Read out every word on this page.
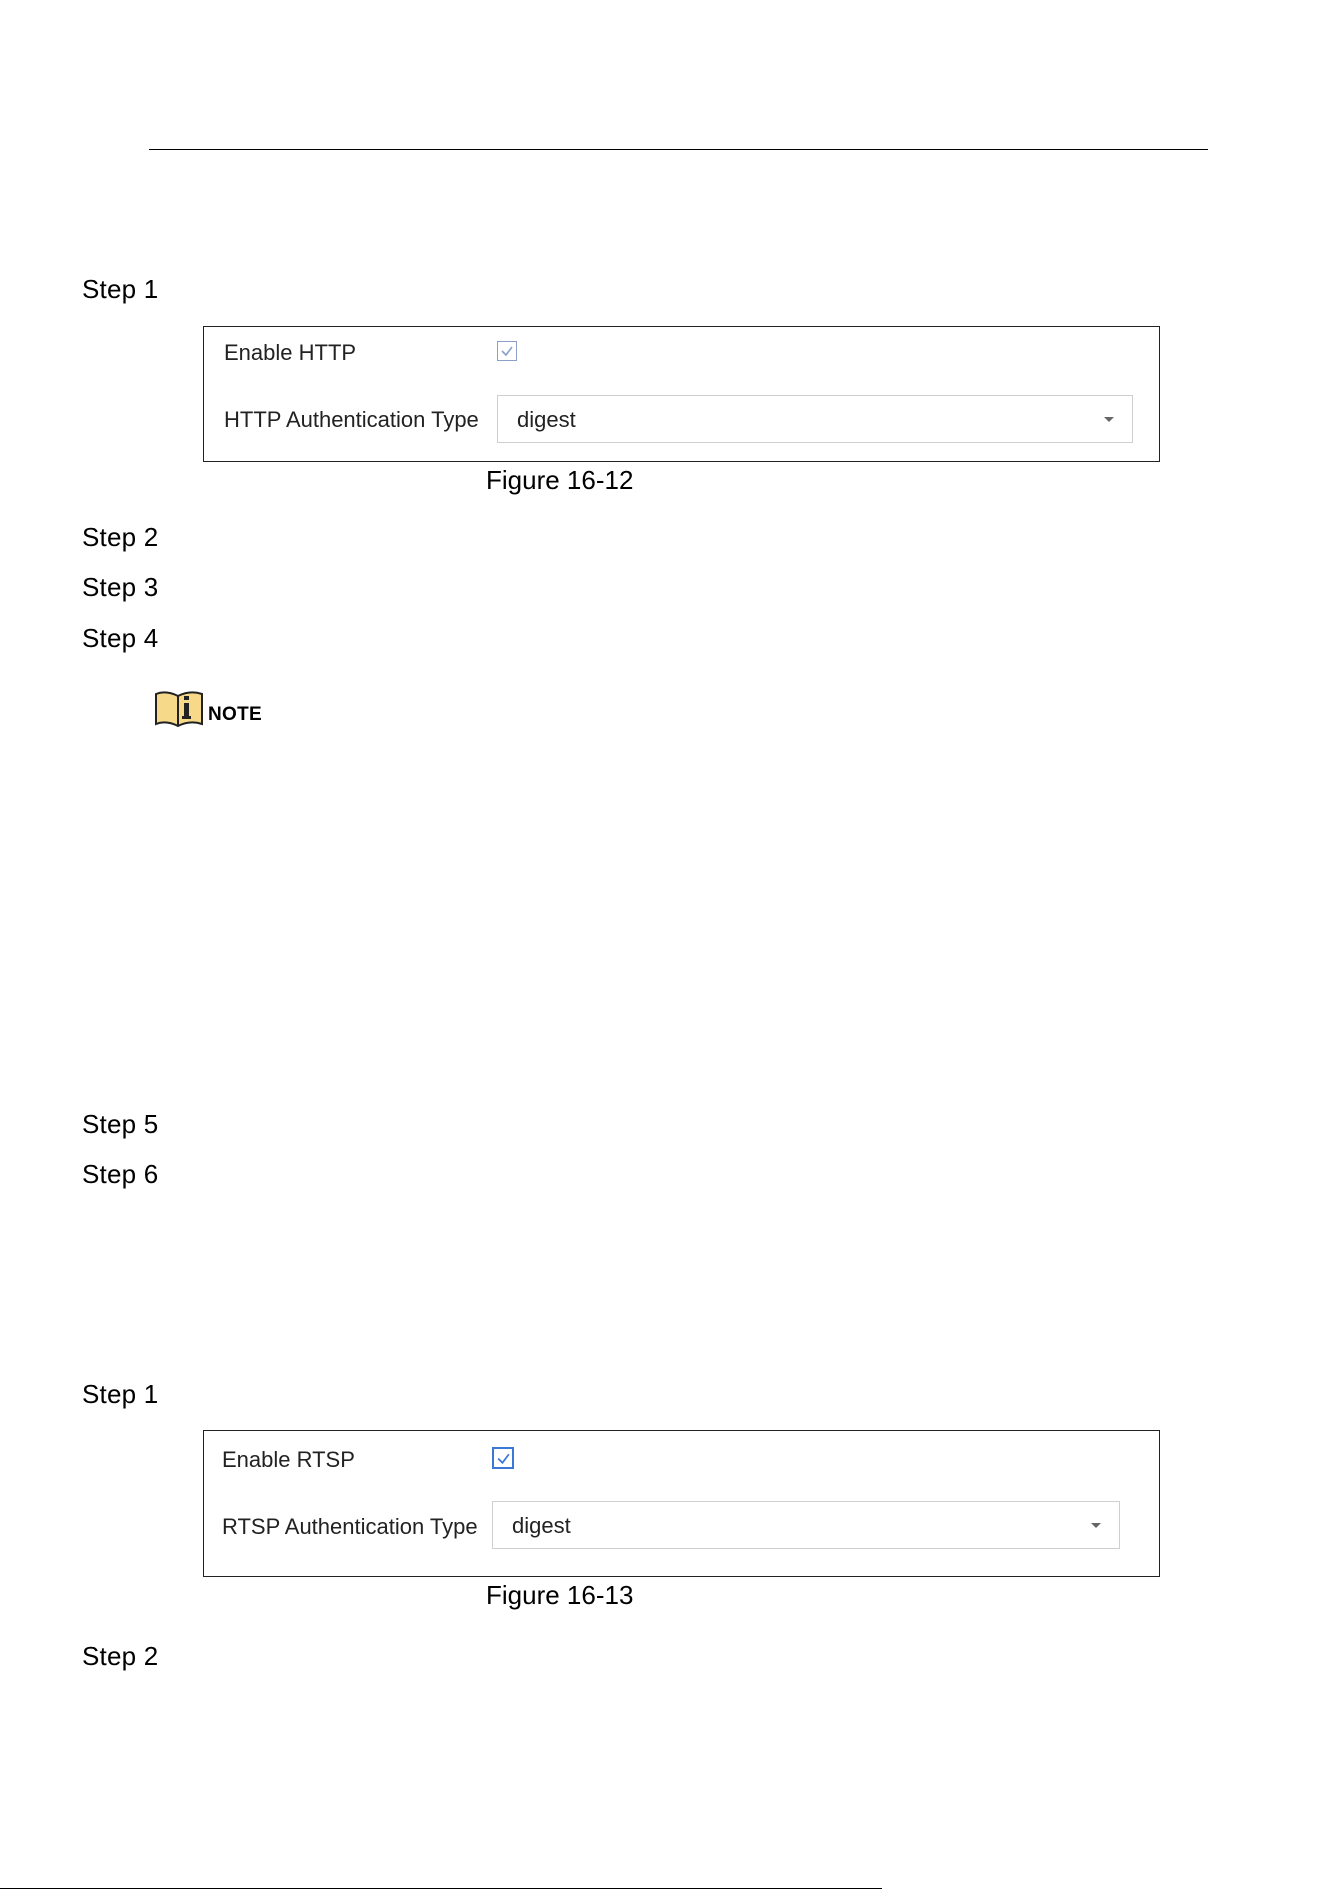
Step 1
Enable HTTP
HTTP Authentication Type digest
Figure 16-12
Step 2
Step 3
Step 4
NOTE
Step 5
Step 6
Step 1
Enable RTSP
RTSP Authentication Type digest
Figure 16-13
Step 2
